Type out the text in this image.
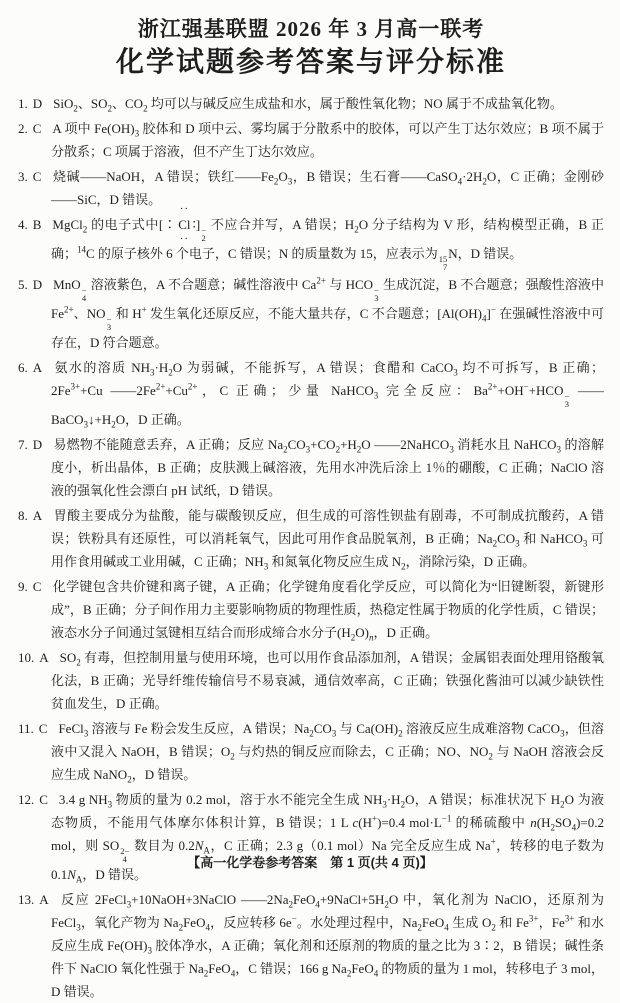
浙江强基联盟 2026 年 3 月高一联考
化学试题参考答案与评分标准
1. D SiO$_2$、$SO_2$、$CO_2$ 均可以与碱反应生成盐和水，属于酸性氧化物；NO 属于不成盐氧化物。
2. C A 项中 $Fe(OH)_3$ 胶体和 D 项中云、雾均属于分散系中的胶体，可以产生丁达尔效应；B 项不属于分散系；C 项属于溶液，但不产生丁达尔效应。
3. C 烧碱——NaOH，A 错误；铁红$——Fe_2O_3$，B 错误；生石膏$——CaSO_4\cdot 2H_2O$，C 正确；金刚砂——SiC，D 错误。
4. B MgCl$_2$ 的电子式中[∶
··
Cl
··
∶] −
2
不应合并写，A 错误；$H_2O$ 分子结构为 V 形，结构模型正确，B 正确；$^{14}$C 的原子核外 6 个电子，C 错误；N 的质量数为 15，应表示为 15
7
N，D 错误。
5. D MnO −
4
溶液紫色，A 不合题意；碱性溶液中 $Ca^{2+}$ 与 HCO −
3
生成沉淀，B 不合题意；强酸性溶液中 $Fe^{2+}$、NO −
3
和 H+ 发生氧化还原反应，不能大量共存，C 不合题意；$[Al(OH)_4]^-$ 在强碱性溶液中可存在，D 符合题意。
6. A 氨水的溶质 $NH_3\cdot H_2O$ 为弱碱，不能拆写，A 错误；食醋和 CaCO$_3$ 均不可拆写，B 正确；$2Fe^{3+}+Cu$ $——2Fe^{2+}+Cu^{2+}$，C 正确；少量 NaHCO$_3$ 完全反应：$Ba^{2+}+OH^-+HCO$ −
3
$——BaCO_3↓+H_2O$，D 正确。
7. D 易燃物不能随意丢弃，A 正确；反应 $Na_2CO_3+CO_2+H_2O$ ——2NaHCO$_3$ 消耗水且 NaHCO$_3$ 的溶解度小，析出晶体，B 正确；皮肤溅上碱溶液，先用水冲洗后涂上 1％的硼酸，C 正确；NaClO 溶液的强氧化性会漂白 pH 试纸，D 错误。
8. A 胃酸主要成分为盐酸，能与碳酸钡反应，但生成的可溶性钡盐有剧毒，不可制成抗酸药，A 错误；铁粉具有还原性，可以消耗氧气，因此可用作食品脱氧剂，B 正确；$Na_2CO_3$ 和 NaHCO$_3$ 可用作食用碱或工业用碱，C 正确；$NH_3$ 和氮氧化物反应生成 $N_2$，消除污染，D 正确。
9. C 化学键包含共价键和离子键，A 正确；化学键角度看化学反应，可以简化为“旧键断裂，新键形成”，B 正确；分子间作用力主要影响物质的物理性质，热稳定性属于物质的化学性质，C 错误；液态水分子间通过氢键相互结合而形成缔合水分子$(H_2O)_n$，D 正确。
10. A $SO_2$ 有毒，但控制用量与使用环境，也可以用作食品添加剂，A 错误；金属铝表面处理用铬酸氧化法，B 正确；光导纤维传输信号不易衰减，通信效率高，C 正确；铁强化酱油可以减少缺铁性贫血发生，D 正确。
11. C FeCl$_3$ 溶液与 Fe 粉会发生反应，A 错误；$Na_2CO_3$ 与 $Ca(OH)_2$ 溶液反应生成难溶物 CaCO$_3$，但溶液中又混入 NaOH，B 错误；$O_2$ 与灼热的铜反应而除去，C 正确；NO、$NO_2$ 与 NaOH 溶液会反应生成 NaNO$_2$，D 错误。
12. C 3.4 g $NH_3$ 物质的量为 0.2 mol，溶于水不能完全生成 $NH_3\cdot H_2O$，A 错误；标准状况下 $H_2O$ 为液态物质，不能用气体摩尔体积计算，B 错误；1 L c(H+)=0.4 $mol\cdot L^{-1}$ 的稀硫酸中 $n(H_2SO_4)=0.2$ mol，则 SO 2−
4
数目为 $0.2N_A$，C 正确；2.3 g（0.1 mol）Na 完全反应生成 Na+，转移的电子数为 $0.1N_A$，D 错误。
13. A 反应 2FeCl$_3$+10NaOH+3NaClO $——2Na_2FeO_4+9NaCl+5H_2O$ 中，氧化剂为 NaClO，还原剂为 FeCl$_3$，氧化产物为 $Na_2FeO_4$，反应转移 6e−。水处理过程中，$Na_2FeO_4$ 生成 $O_2$ 和 $Fe^{3+}$，$Fe^{3+}$ 和水反应生成 $Fe(OH)_3$ 胶体净水，A 正确；氧化剂和还原剂的物质的量之比为 3∶2，B 错误；碱性条件下 NaClO 氧化性强于 $Na_2FeO_4$，C 错误；166 g $Na_2FeO_4$ 的物质的量为 1 mol，转移电子 3 mol，D 错误。
【高一化学卷参考答案　第 1 页(共 4 页)】
